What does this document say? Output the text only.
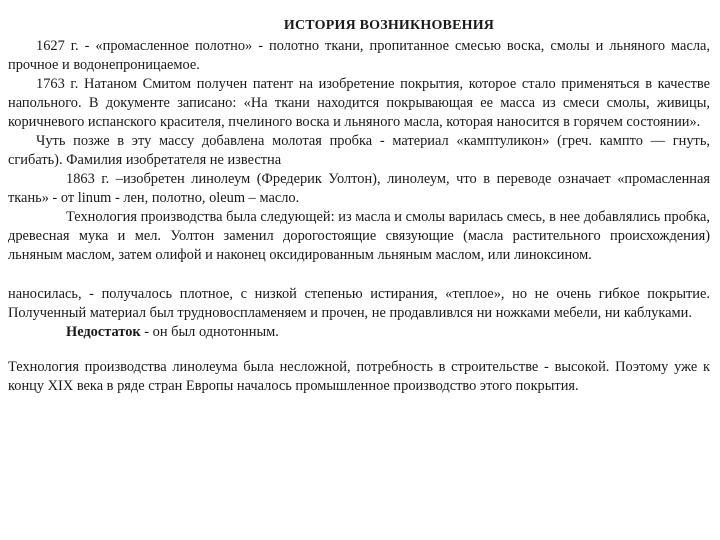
ИСТОРИЯ ВОЗНИКНОВЕНИЯ

1627 г. - «промасленное полотно» - полотно ткани, пропитанное смесью воска, смолы и льняного масла, прочное и водонепроницаемое.

1763 г. Натаном Смитом получен патент на изобретение покрытия, которое стало применяться в качестве напольного. В документе записано: «На ткани находится покрывающая ее масса из смеси смолы, живицы, коричневого испанского красителя, пчелиного воска и льняного масла, которая наносится в горячем состоянии».

Чуть позже в эту массу добавлена молотая пробка - материал «камптуликон» (греч. кампто — гнуть, сгибать). Фамилия изобретателя не известна

1863 г. –изобретен линолеум (Фредерик Уолтон), линолеум, что в переводе означает «промасленная ткань» - от linum - лен, полотно, oleum – масло.

Технология производства была следующей: из масла и смолы варилась смесь, в нее добавлялись пробка, древесная мука и мел. Уолтон заменил дорогостоящие связующие (масла растительного происхождения) льняным маслом, затем олифой и наконец оксидированным льняным маслом, или линоксином.

наносилась, - получалось плотное, с низкой степенью истирания, «теплое», но не очень гибкое покрытие. Полученный материал был трудновоспламеняем и прочен, не продавливлся ни ножками мебели, ни каблуками.

Недостаток - он был однотонным.

Технология производства линолеума была несложной, потребность в строительстве - высокой. Поэтому уже к концу XIX века в ряде стран Европы началось промышленное производство этого покрытия.
